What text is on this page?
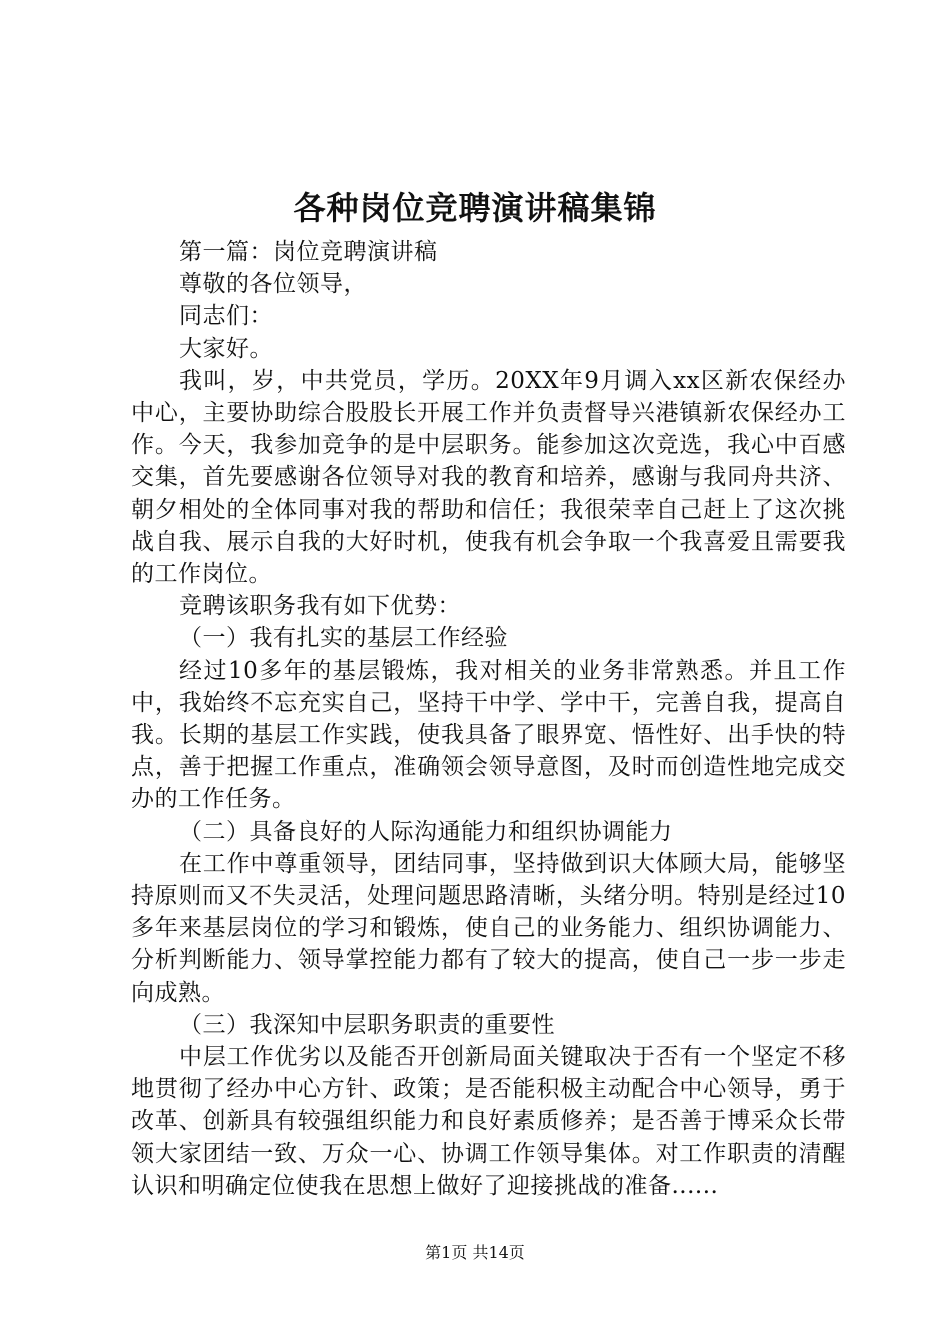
各种岗位竞聘演讲稿集锦

第一篇：岗位竞聘演讲稿

尊敬的各位领导，

同志们：

大家好。

我叫，岁，中共党员，学历。20XX年9月调入xx区新农保经办中心，主要协助综合股股长开展工作并负责督导兴港镇新农保经办工作。今天，我参加竞争的是中层职务。能参加这次竞选，我心中百感交集，首先要感谢各位领导对我的教育和培养，感谢与我同舟共济、朝夕相处的全体同事对我的帮助和信任；我很荣幸自己赶上了这次挑战自我、展示自我的大好时机，使我有机会争取一个我喜爱且需要我的工作岗位。

竞聘该职务我有如下优势：

（一）我有扎实的基层工作经验

经过10多年的基层锻炼，我对相关的业务非常熟悉。并且工作中，我始终不忘充实自己，坚持干中学、学中干，完善自我，提高自我。长期的基层工作实践，使我具备了眼界宽、悟性好、出手快的特点，善于把握工作重点，准确领会领导意图，及时而创造性地完成交办的工作任务。

（二）具备良好的人际沟通能力和组织协调能力

在工作中尊重领导，团结同事，坚持做到识大体顾大局，能够坚持原则而又不失灵活，处理问题思路清晰，头绪分明。特别是经过10多年来基层岗位的学习和锻炼，使自己的业务能力、组织协调能力、分析判断能力、领导掌控能力都有了较大的提高，使自己一步一步走向成熟。

（三）我深知中层职务职责的重要性

中层工作优劣以及能否开创新局面关键取决于否有一个坚定不移地贯彻了经办中心方针、政策；是否能积极主动配合中心领导，勇于改革、创新具有较强组织能力和良好素质修养；是否善于博采众长带领大家团结一致、万众一心、协调工作领导集体。对工作职责的清醒认识和明确定位使我在思想上做好了迎接挑战的准备......

第1页 共14页
